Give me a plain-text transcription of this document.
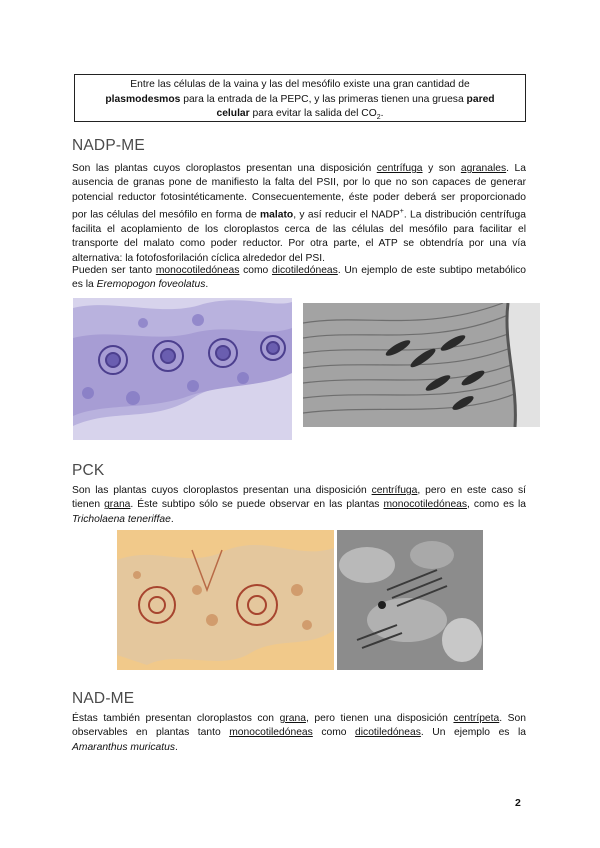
Entre las células de la vaina y las del mesófilo existe una gran cantidad de
plasmodesmos para la entrada de la PEPC, y las primeras tienen una gruesa pared
celular para evitar la salida del $CO_2$.
NADP-ME

Son las plantas cuyos cloroplastos presentan una disposición centrífuga y son agranales. La ausencia de granas pone de manifiesto la falta del PSII, por lo que no son capaces de generar potencial reductor fotosintéticamente. Consecuentemente, éste poder deberá ser proporcionado por las células del mesófilo en forma de malato, y así reducir el NADP+. La distribución centrífuga facilita el acoplamiento de los cloroplastos cerca de las células del mesófilo para facilitar el transporte del malato como poder reductor. Por otra parte, el ATP se obtendría por una vía alternativa: la fotofosforilación cíclica alrededor del PSI.

Pueden ser tanto monocotiledóneas como dicotiledóneas. Un ejemplo de este subtipo metabólico es la Eremopogon foveolatus.

PCK

Son las plantas cuyos cloroplastos presentan una disposición centrífuga, pero en este caso sí tienen grana. Éste subtipo sólo se puede observar en las plantas monocotiledóneas, como es la Tricholaena teneriffae.

NAD-ME

Éstas también presentan cloroplastos con grana, pero tienen una disposición centrípeta. Son observables en plantas tanto monocotiledóneas como dicotiledóneas. Un ejemplo es la Amaranthus muricatus.

2
